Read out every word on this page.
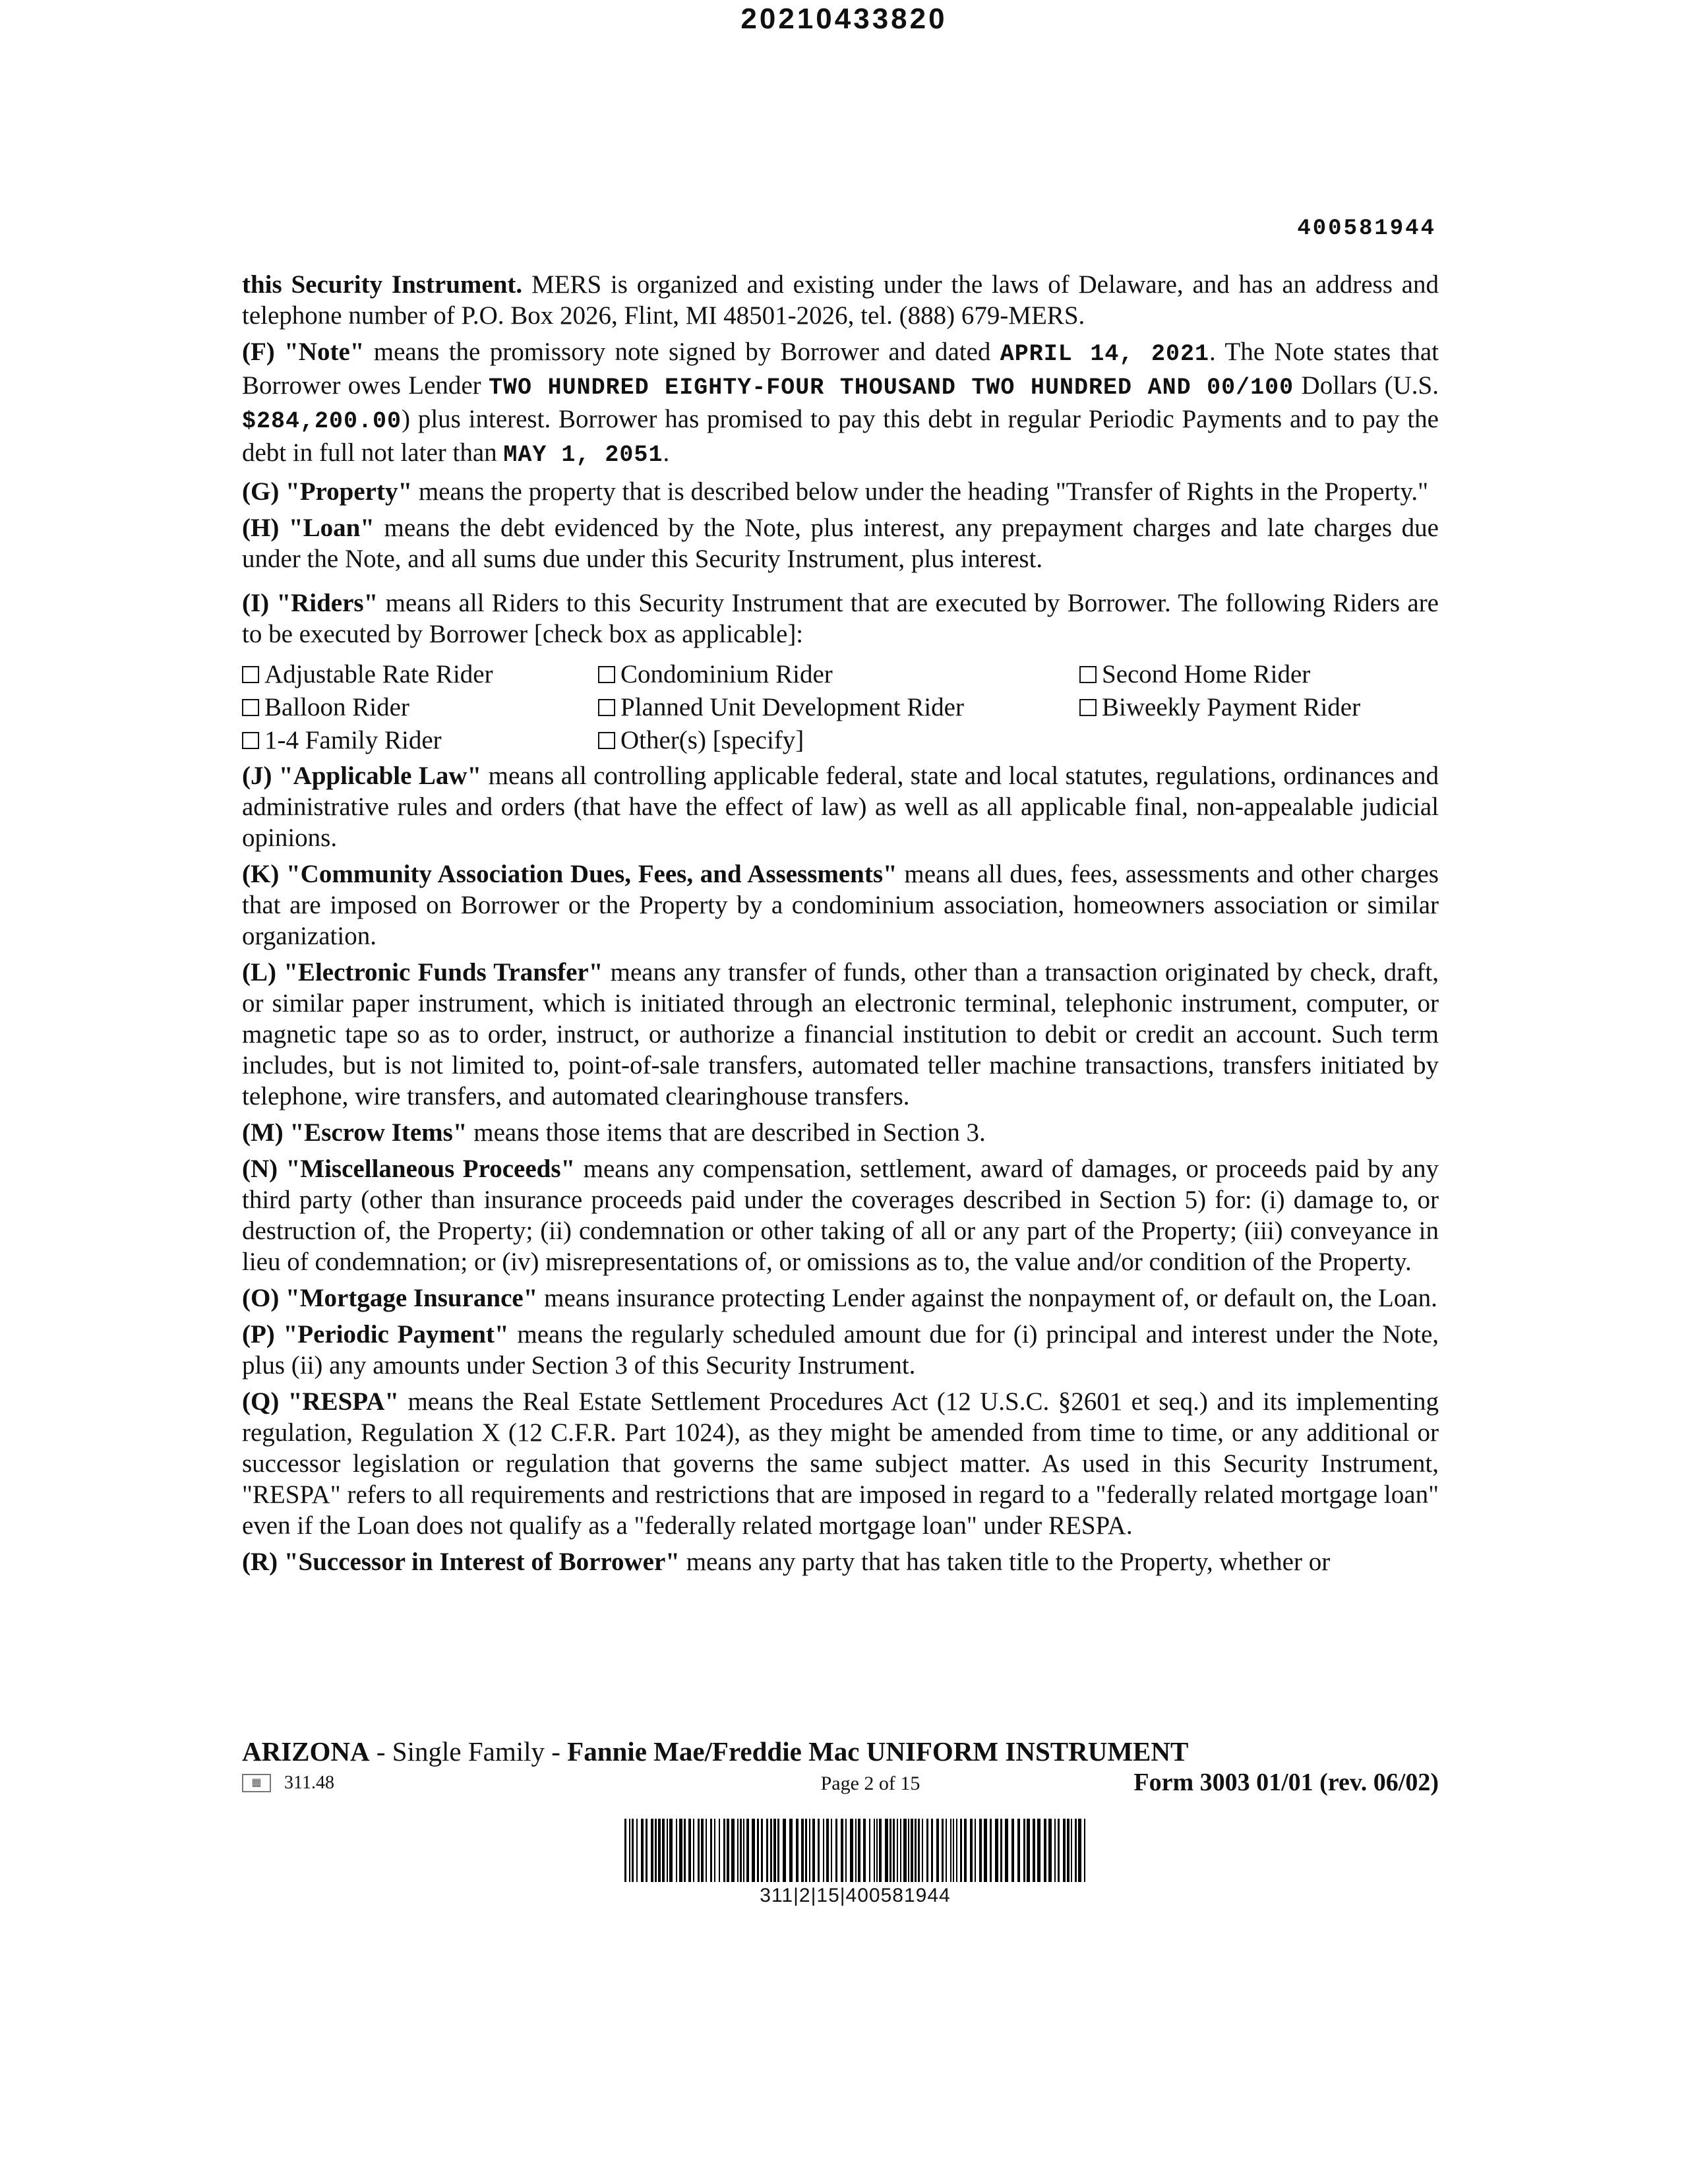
20210433820
400581944

this Security Instrument. MERS is organized and existing under the laws of Delaware, and has an address and telephone number of P.O. Box 2026, Flint, MI 48501-2026, tel. (888) 679-MERS.

(F) "Note" means the promissory note signed by Borrower and dated APRIL 14, 2021. The Note states that Borrower owes Lender TWO HUNDRED EIGHTY-FOUR THOUSAND TWO HUNDRED AND 00/100 Dollars (U.S. $284,200.00) plus interest. Borrower has promised to pay this debt in regular Periodic Payments and to pay the debt in full not later than MAY 1, 2051.

(G) "Property" means the property that is described below under the heading "Transfer of Rights in the Property."

(H) "Loan" means the debt evidenced by the Note, plus interest, any prepayment charges and late charges due under the Note, and all sums due under this Security Instrument, plus interest.

(I) "Riders" means all Riders to this Security Instrument that are executed by Borrower. The following Riders are to be executed by Borrower [check box as applicable]:

Adjustable Rate Rider	Condominium Rider	Second Home Rider
Balloon Rider	Planned Unit Development Rider	Biweekly Payment Rider
1-4 Family Rider	Other(s) [specify]

(J) "Applicable Law" means all controlling applicable federal, state and local statutes, regulations, ordinances and administrative rules and orders (that have the effect of law) as well as all applicable final, non-appealable judicial opinions.

(K) "Community Association Dues, Fees, and Assessments" means all dues, fees, assessments and other charges that are imposed on Borrower or the Property by a condominium association, homeowners association or similar organization.

(L) "Electronic Funds Transfer" means any transfer of funds, other than a transaction originated by check, draft, or similar paper instrument, which is initiated through an electronic terminal, telephonic instrument, computer, or magnetic tape so as to order, instruct, or authorize a financial institution to debit or credit an account. Such term includes, but is not limited to, point-of-sale transfers, automated teller machine transactions, transfers initiated by telephone, wire transfers, and automated clearinghouse transfers.

(M) "Escrow Items" means those items that are described in Section 3.

(N) "Miscellaneous Proceeds" means any compensation, settlement, award of damages, or proceeds paid by any third party (other than insurance proceeds paid under the coverages described in Section 5) for: (i) damage to, or destruction of, the Property; (ii) condemnation or other taking of all or any part of the Property; (iii) conveyance in lieu of condemnation; or (iv) misrepresentations of, or omissions as to, the value and/or condition of the Property.

(O) "Mortgage Insurance" means insurance protecting Lender against the nonpayment of, or default on, the Loan.

(P) "Periodic Payment" means the regularly scheduled amount due for (i) principal and interest under the Note, plus (ii) any amounts under Section 3 of this Security Instrument.

(Q) "RESPA" means the Real Estate Settlement Procedures Act (12 U.S.C. §2601 et seq.) and its implementing regulation, Regulation X (12 C.F.R. Part 1024), as they might be amended from time to time, or any additional or successor legislation or regulation that governs the same subject matter. As used in this Security Instrument, "RESPA" refers to all requirements and restrictions that are imposed in regard to a "federally related mortgage loan" even if the Loan does not qualify as a "federally related mortgage loan" under RESPA.

(R) "Successor in Interest of Borrower" means any party that has taken title to the Property, whether or

ARIZONA - Single Family - Fannie Mae/Freddie Mac UNIFORM INSTRUMENT
▦	311.48	Page 2 of 15	Form 3003 01/01 (rev. 06/02)
311|2|15|400581944
